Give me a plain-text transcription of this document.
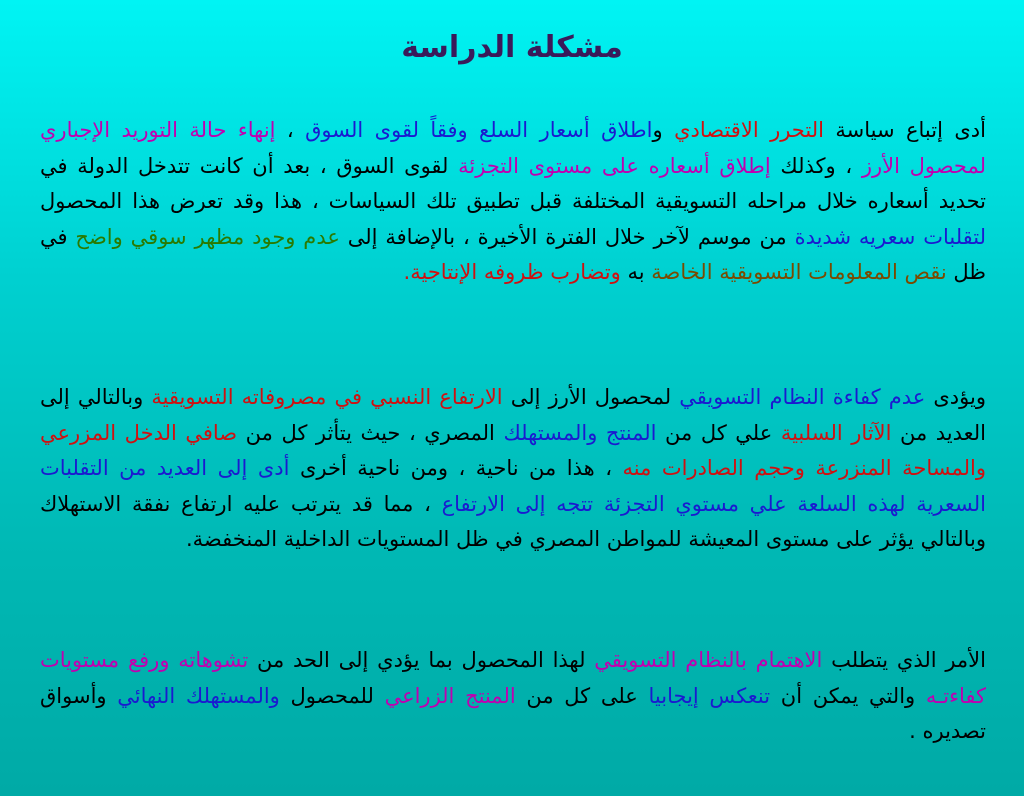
مشكلة الدراسة

أدى إتباع سياسة التحرر الاقتصادي واطلاق أسعار السلع وفقاً لقوى السوق ، إنهاء حالة التوريد الإجباري لمحصول الأرز ، وكذلك إطلاق أسعاره على مستوى التجزئة لقوى السوق ، بعد أن كانت تتدخل الدولة في تحديد أسعاره خلال مراحله التسويقية المختلفة قبل تطبيق تلك السياسات ، هذا وقد تعرض هذا المحصول لتقلبات سعريه شديدة من موسم لآخر خلال الفترة الأخيرة ، بالإضافة إلى عدم وجود مظهر سوقي واضح في ظل نقص المعلومات التسويقية الخاصة به وتضارب ظروفه الإنتاجية.

ويؤدى عدم كفاءة النظام التسويقي لمحصول الأرز إلى الارتفاع النسبي في مصروفاته التسويقية وبالتالي إلى العديد من الآثار السلبية علي كل من المنتج والمستهلك المصري ، حيث يتأثر كل من صافي الدخل المزرعي والمساحة المنزرعة وحجم الصادرات منه ، هذا من ناحية ، ومن ناحية أخرى أدى إلى العديد من التقلبات السعرية لهذه السلعة علي مستوي التجزئة تتجه إلى الارتفاع ، مما قد يترتب عليه ارتفاع نفقة الاستهلاك وبالتالي يؤثر على مستوى المعيشة للمواطن المصري في ظل المستويات الداخلية المنخفضة.

الأمر الذي يتطلب الاهتمام بالنظام التسويقي لهذا المحصول بما يؤدي إلى الحد من تشوهاته ورفع مستويات كفاءتـه والتي يمكن أن تنعكس إيجابيا على كل من المنتج الزراعي للمحصول والمستهلك النهائي وأسواق تصديره .
